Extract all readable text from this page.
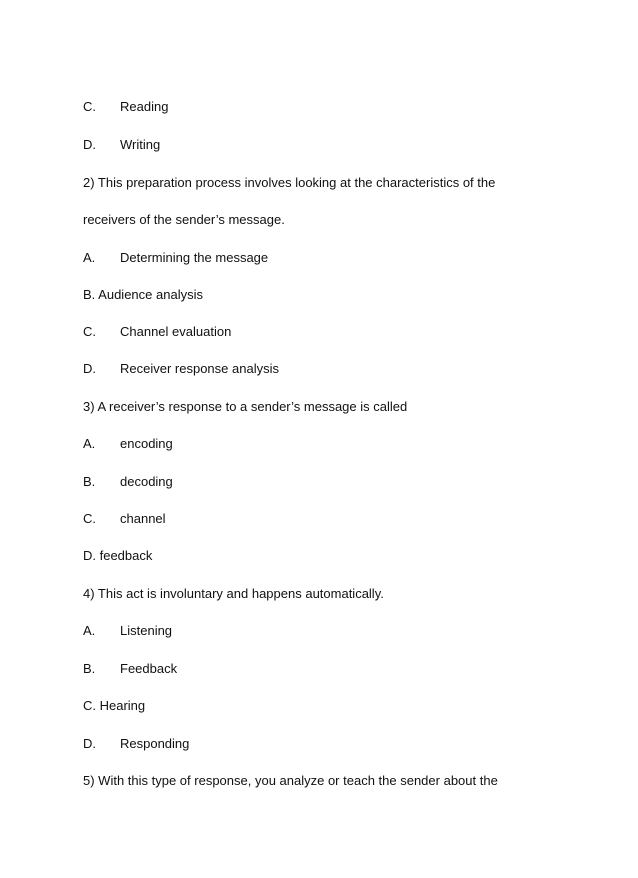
C. Reading
D. Writing
2) This preparation process involves looking at the characteristics of the
receivers of the sender’s message.
A. Determining the message
B. Audience analysis
C. Channel evaluation
D. Receiver response analysis
3) A receiver’s response to a sender’s message is called
A. encoding
B. decoding
C. channel
D. feedback
4) This act is involuntary and happens automatically.
A. Listening
B. Feedback
C. Hearing
D. Responding
5) With this type of response, you analyze or teach the sender about the
